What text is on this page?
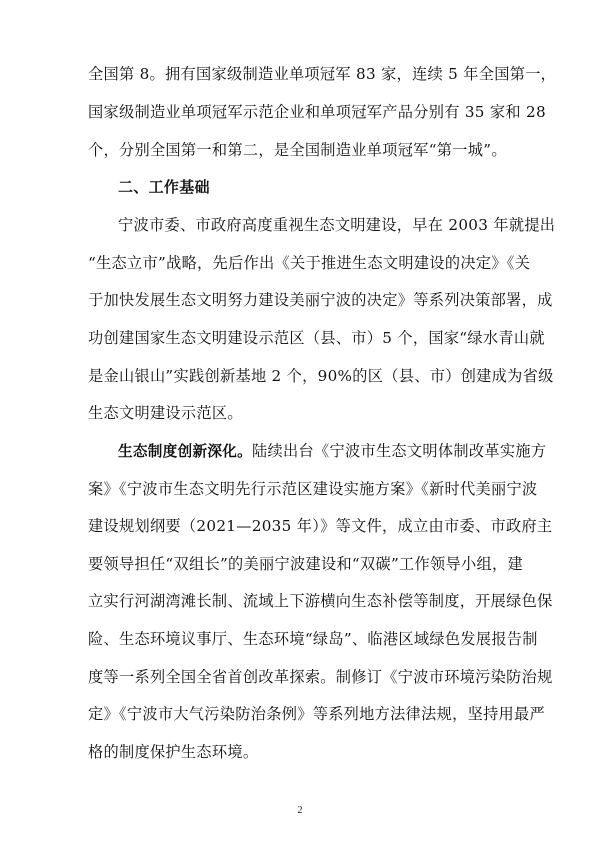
全国第 8。拥有国家级制造业单项冠军 83 家，连续 5 年全国第一，
国家级制造业单项冠军示范企业和单项冠军产品分别有 35 家和 28
个，分别全国第一和第二，是全国制造业单项冠军“第一城”。
二、工作基础
宁波市委、市政府高度重视生态文明建设，早在 2003 年就提出
“生态立市”战略，先后作出《关于推进生态文明建设的决定》《关
于加快发展生态文明努力建设美丽宁波的决定》等系列决策部署，成
功创建国家生态文明建设示范区（县、市）5 个，国家“绿水青山就
是金山银山”实践创新基地 2 个，90%的区（县、市）创建成为省级
生态文明建设示范区。
生态制度创新深化。陆续出台《宁波市生态文明体制改革实施方
案》《宁波市生态文明先行示范区建设实施方案》《新时代美丽宁波
建设规划纲要（2021—2035 年）》等文件，成立由市委、市政府主
要领导担任“双组长”的美丽宁波建设和“双碳”工作领导小组，建
立实行河湖湾滩长制、流域上下游横向生态补偿等制度，开展绿色保
险、生态环境议事厅、生态环境“绿岛”、临港区域绿色发展报告制
度等一系列全国全省首创改革探索。制修订《宁波市环境污染防治规
定》《宁波市大气污染防治条例》等系列地方法律法规，坚持用最严
格的制度保护生态环境。
2
